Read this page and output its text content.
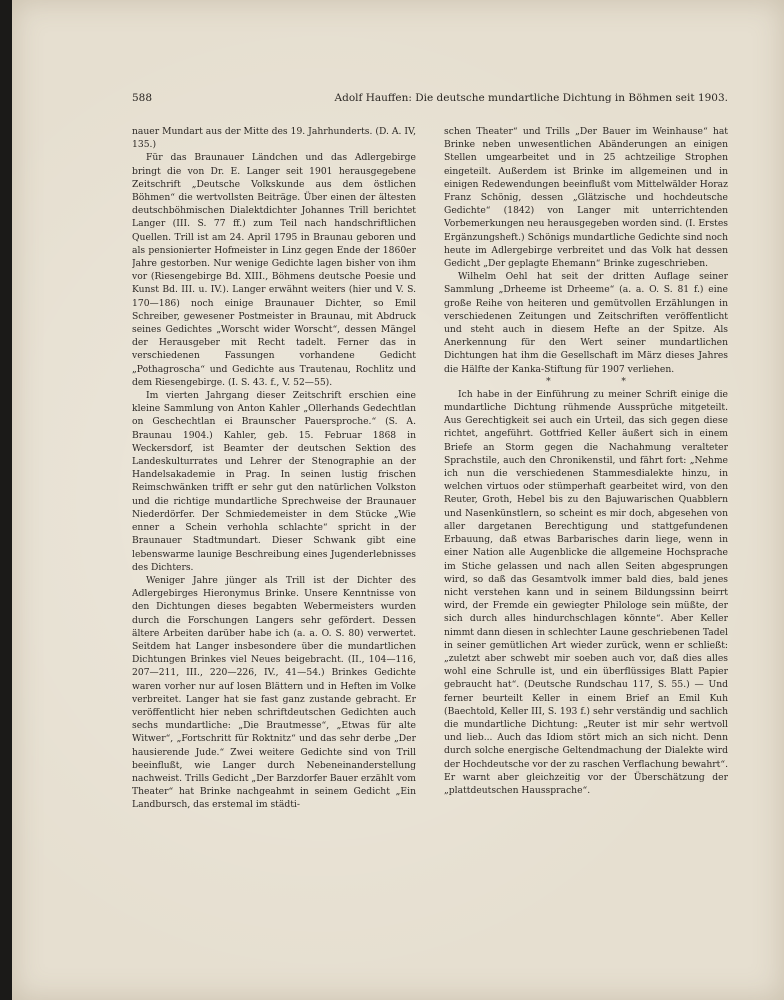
588	Adolf Hauffen: Die deutsche mundartliche Dichtung in Böhmen seit 1903.

nauer Mundart aus der Mitte des 19. Jahrhunderts. (D. A. IV, 135.)

Für das Braunauer Ländchen und das Adlergebirge bringt die von Dr. E. Langer seit 1901 herausgegebene Zeitschrift „Deutsche Volkskunde aus dem östlichen Böhmen“ die wertvollsten Beiträge. Über einen der ältesten deutschböhmischen Dialektdichter Johannes Trill berichtet Langer (III. S. 77 ff.) zum Teil nach handschriftlichen Quellen. Trill ist am 24. April 1795 in Braunau geboren und als pensionierter Hofmeister in Linz gegen Ende der 1860er Jahre gestorben. Nur wenige Gedichte lagen bisher von ihm vor (Riesengebirge Bd. XIII., Böhmens deutsche Poesie und Kunst Bd. III. u. IV.). Langer erwähnt weiters (hier und V. S. 170—186) noch einige Braunauer Dichter, so Emil Schreiber, gewesener Postmeister in Braunau, mit Abdruck seines Gedichtes „Worscht wider Worscht“, dessen Mängel der Herausgeber mit Recht tadelt. Ferner das in verschiedenen Fassungen vorhandene Gedicht „Pothagroscha“ und Gedichte aus Trautenau, Rochlitz und dem Riesengebirge. (I. S. 43. f., V. 52—55).

Im vierten Jahrgang dieser Zeitschrift erschien eine kleine Sammlung von Anton Kahler „Ollerhands Gedechtlan on Geschechtlan ei Braunscher Pauersproche.“ (S. A. Braunau 1904.) Kahler, geb. 15. Februar 1868 in Weckersdorf, ist Beamter der deutschen Sektion des Landeskulturrates und Lehrer der Stenographie an der Handelsakademie in Prag. In seinen lustig frischen Reimschwänken trifft er sehr gut den natürlichen Volkston und die richtige mundartliche Sprechweise der Braunauer Niederdörfer. Der Schmiedemeister in dem Stücke „Wie enner a Schein verhohla schlachte“ spricht in der Braunauer Stadtmundart. Dieser Schwank gibt eine lebenswarme launige Beschreibung eines Jugenderlebnisses des Dichters.

Weniger Jahre jünger als Trill ist der Dichter des Adlergebirges Hieronymus Brinke. Unsere Kenntnisse von den Dichtungen dieses begabten Webermeisters wurden durch die Forschungen Langers sehr gefördert. Dessen ältere Arbeiten darüber habe ich (a. a. O. S. 80) verwertet. Seitdem hat Langer insbesondere über die mundartlichen Dichtungen Brinkes viel Neues beigebracht. (II., 104—116, 207—211, III., 220—226, IV., 41—54.) Brinkes Gedichte waren vorher nur auf losen Blättern und in Heften im Volke verbreitet. Langer hat sie fast ganz zustande gebracht. Er veröffentlicht hier neben schriftdeutschen Gedichten auch sechs mundartliche: „Die Brautmesse“, „Etwas für alte Witwer“, „Fortschritt für Roktnitz“ und das sehr derbe „Der hausierende Jude.“ Zwei weitere Gedichte sind von Trill beeinflußt, wie Langer durch Nebeneinanderstellung nachweist. Trills Gedicht „Der Barzdorfer Bauer erzählt vom Theater“ hat Brinke nachgeahmt in seinem Gedicht „Ein Landbursch, das erstemal im städti-

schen Theater“ und Trills „Der Bauer im Weinhause“ hat Brinke neben unwesentlichen Abänderungen an einigen Stellen umgearbeitet und in 25 achtzeilige Strophen eingeteilt. Außerdem ist Brinke im allgemeinen und in einigen Redewendungen beeinflußt vom Mittelwälder Horaz Franz Schönig, dessen „Glätzische und hochdeutsche Gedichte“ (1842) von Langer mit unterrichtenden Vorbemerkungen neu herausgegeben worden sind. (I. Erstes Ergänzungsheft.) Schönigs mundartliche Gedichte sind noch heute im Adlergebirge verbreitet und das Volk hat dessen Gedicht „Der geplagte Ehemann“ Brinke zugeschrieben.

Wilhelm Oehl hat seit der dritten Auflage seiner Sammlung „Drheeme ist Drheeme“ (a. a. O. S. 81 f.) eine große Reihe von heiteren und gemütvollen Erzählungen in verschiedenen Zeitungen und Zeitschriften veröffentlicht und steht auch in diesem Hefte an der Spitze. Als Anerkennung für den Wert seiner mundartlichen Dichtungen hat ihm die Gesellschaft im März dieses Jahres die Hälfte der Kanka-Stiftung für 1907 verliehen.

* *

Ich habe in der Einführung zu meiner Schrift einige die mundartliche Dichtung rühmende Aussprüche mitgeteilt. Aus Gerechtigkeit sei auch ein Urteil, das sich gegen diese richtet, angeführt. Gottfried Keller äußert sich in einem Briefe an Storm gegen die Nachahmung veralteter Sprachstile, auch den Chronikenstil, und fährt fort: „Nehme ich nun die verschiedenen Stammesdialekte hinzu, in welchen virtuos oder stümperhaft gearbeitet wird, von den Reuter, Groth, Hebel bis zu den Bajuwarischen Quabblern und Nasenkünstlern, so scheint es mir doch, abgesehen von aller dargetanen Berechtigung und stattgefundenen Erbauung, daß etwas Barbarisches darin liege, wenn in einer Nation alle Augenblicke die allgemeine Hochsprache im Stiche gelassen und nach allen Seiten abgesprungen wird, so daß das Gesamtvolk immer bald dies, bald jenes nicht verstehen kann und in seinem Bildungssinn beirrt wird, der Fremde ein gewiegter Philologe sein müßte, der sich durch alles hindurchschlagen könnte“. Aber Keller nimmt dann diesen in schlechter Laune geschriebenen Tadel in seiner gemütlichen Art wieder zurück, wenn er schließt: „zuletzt aber schwebt mir soeben auch vor, daß dies alles wohl eine Schrulle ist, und ein überflüssiges Blatt Papier gebraucht hat“. (Deutsche Rundschau 117, S. 55.) — Und ferner beurteilt Keller in einem Brief an Emil Kuh (Baechtold, Keller III, S. 193 f.) sehr verständig und sachlich die mundartliche Dichtung: „Reuter ist mir sehr wertvoll und lieb... Auch das Idiom stört mich an sich nicht. Denn durch solche energische Geltendmachung der Dialekte wird der Hochdeutsche vor der zu raschen Verflachung bewahrt“. Er warnt aber gleichzeitig vor der Überschätzung der „plattdeutschen Haussprache“.
